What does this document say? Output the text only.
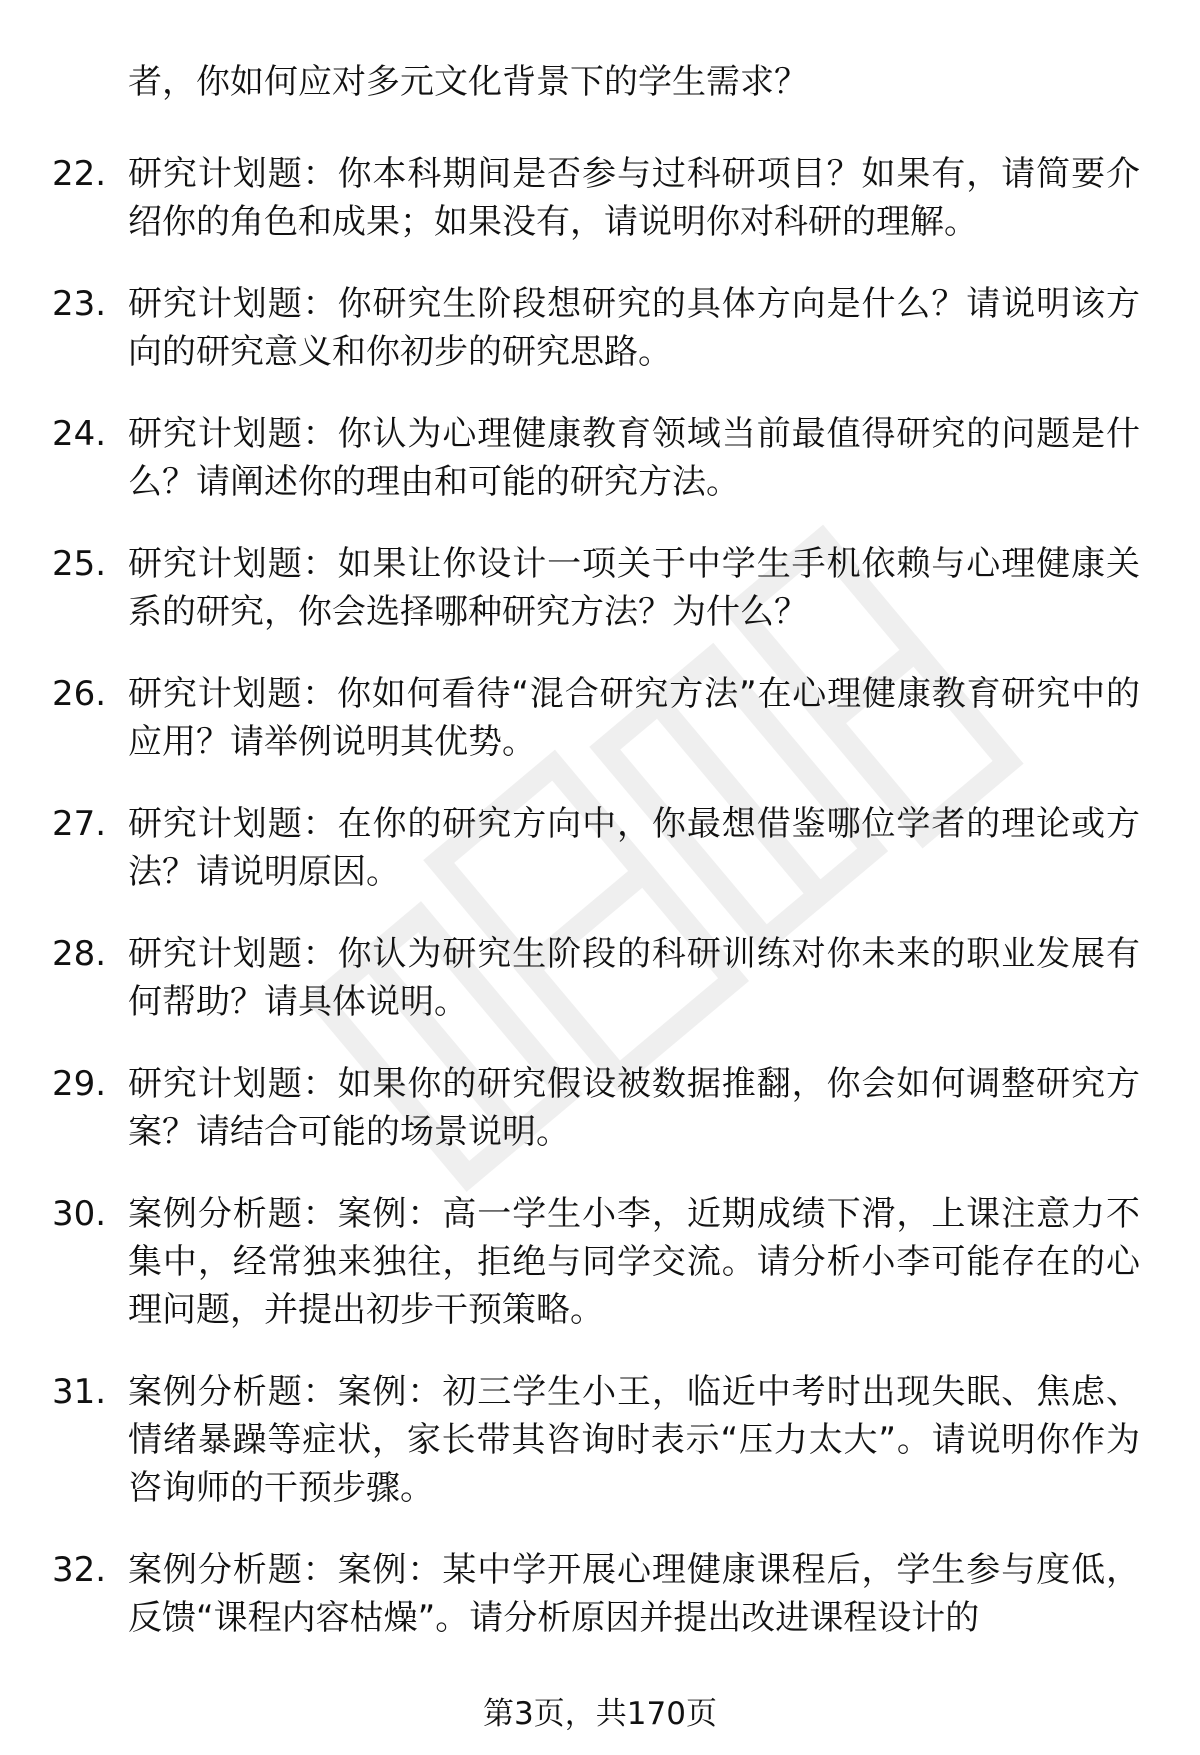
者，你如何应对多元文化背景下的学生需求？

22. 研究计划题：你本科期间是否参与过科研项目？如果有，请简要介绍你的角色和成果；如果没有，请说明你对科研的理解。

23. 研究计划题：你研究生阶段想研究的具体方向是什么？请说明该方向的研究意义和你初步的研究思路。

24. 研究计划题：你认为心理健康教育领域当前最值得研究的问题是什么？请阐述你的理由和可能的研究方法。

25. 研究计划题：如果让你设计一项关于中学生手机依赖与心理健康关系的研究，你会选择哪种研究方法？为什么？

26. 研究计划题：你如何看待“混合研究方法”在心理健康教育研究中的应用？请举例说明其优势。

27. 研究计划题：在你的研究方向中，你最想借鉴哪位学者的理论或方法？请说明原因。

28. 研究计划题：你认为研究生阶段的科研训练对你未来的职业发展有何帮助？请具体说明。

29. 研究计划题：如果你的研究假设被数据推翻，你会如何调整研究方案？请结合可能的场景说明。

30. 案例分析题：案例：高一学生小李，近期成绩下滑，上课注意力不集中，经常独来独往，拒绝与同学交流。请分析小李可能存在的心理问题，并提出初步干预策略。

31. 案例分析题：案例：初三学生小王，临近中考时出现失眠、焦虑、情绪暴躁等症状，家长带其咨询时表示“压力太大”。请说明你作为咨询师的干预步骤。

32. 案例分析题：案例：某中学开展心理健康课程后，学生参与度低，反馈“课程内容枯燥”。请分析原因并提出改进课程设计的

第3页，共170页
